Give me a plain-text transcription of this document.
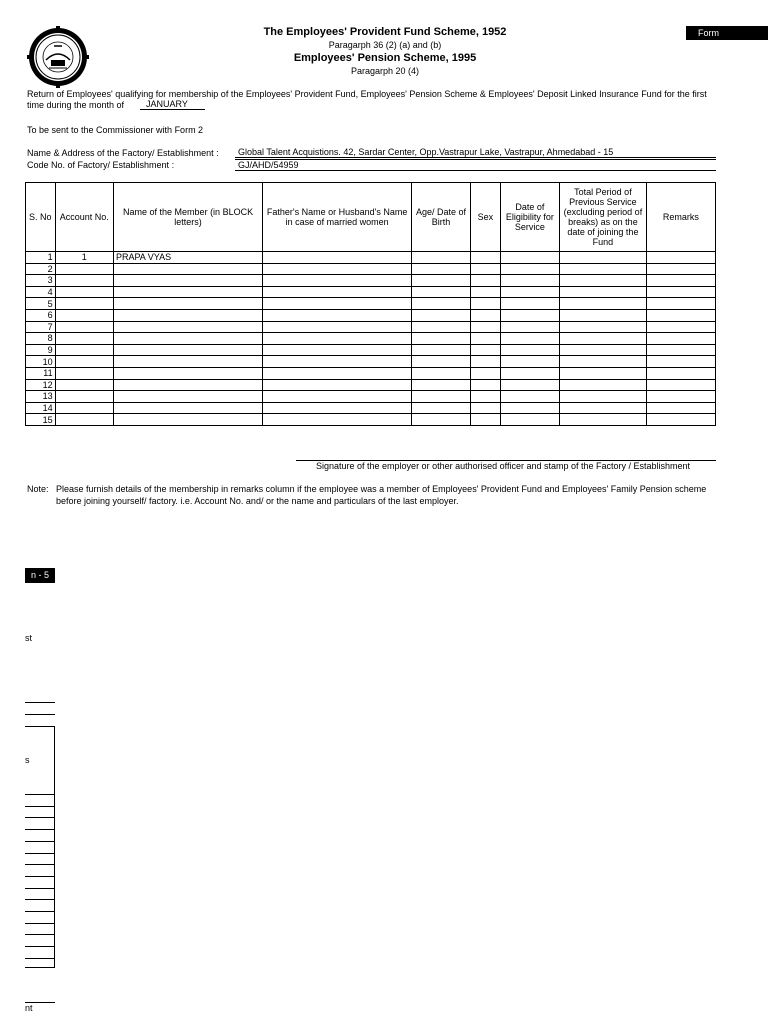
The Employees' Provident Fund Scheme, 1952
Paragarph 36 (2) (a) and (b)
Employees' Pension Scheme, 1995
Paragarph 20 (4)
Form
Return of Employees' qualifying for membership of the Employees' Provident Fund, Employees' Pension Scheme & Employees' Deposit Linked Insurance Fund for the first
time during the month of	JANUARY
To be sent to the Commissioner with Form 2
Name & Address of the Factory/ Establishment :	Global Talent Acquistions. 42, Sardar Center, Opp.Vastrapur Lake, Vastrapur, Ahmedabad - 15
Code No. of Factory/ Establishment :	GJ/AHD/54959
S. No	Account No.	Name of the Member (in BLOCK letters)	Father's Name or Husband's Name in case of married women	Age/ Date of Birth	Sex	Date of Eligibility for Service	Total Period of Previous Service (excluding period of breaks) as on the date of joining the Fund	Remarks
1	1	PRAPA VYAS						
2								
3								
4								
5								
6								
7								
8								
9								
10								
11								
12								
13								
14								
15								
Signature of the employer or other authorised officer and stamp of the Factory / Establishment
Note: Please furnish details of the membership in remarks column if the employee was a member of Employees' Provident Fund and Employees' Family Pension scheme
before joining yourself/ factory. i.e. Account No. and/ or the name and particulars of the last employer.
n - 5
st
s
nt
